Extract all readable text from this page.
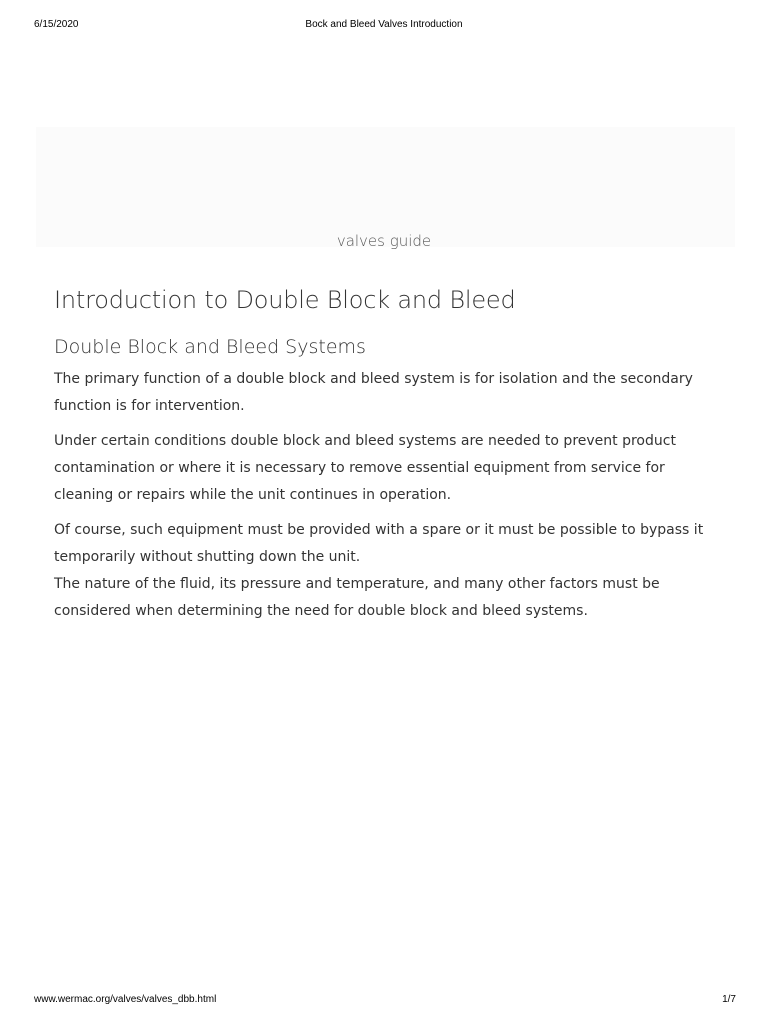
6/15/2020	Bock and Bleed Valves Introduction
valves guide
Introduction to Double Block and Bleed
Double Block and Bleed Systems

The primary function of a double block and bleed system is for isolation and the secondary function is for intervention.

Under certain conditions double block and bleed systems are needed to prevent product contamination or where it is necessary to remove essential equipment from service for cleaning or repairs while the unit continues in operation.

Of course, such equipment must be provided with a spare or it must be possible to bypass it temporarily without shutting down the unit.

The nature of the fluid, its pressure and temperature, and many other factors must be considered when determining the need for double block and bleed systems.

www.wermac.org/valves/valves_dbb.html	1/7
